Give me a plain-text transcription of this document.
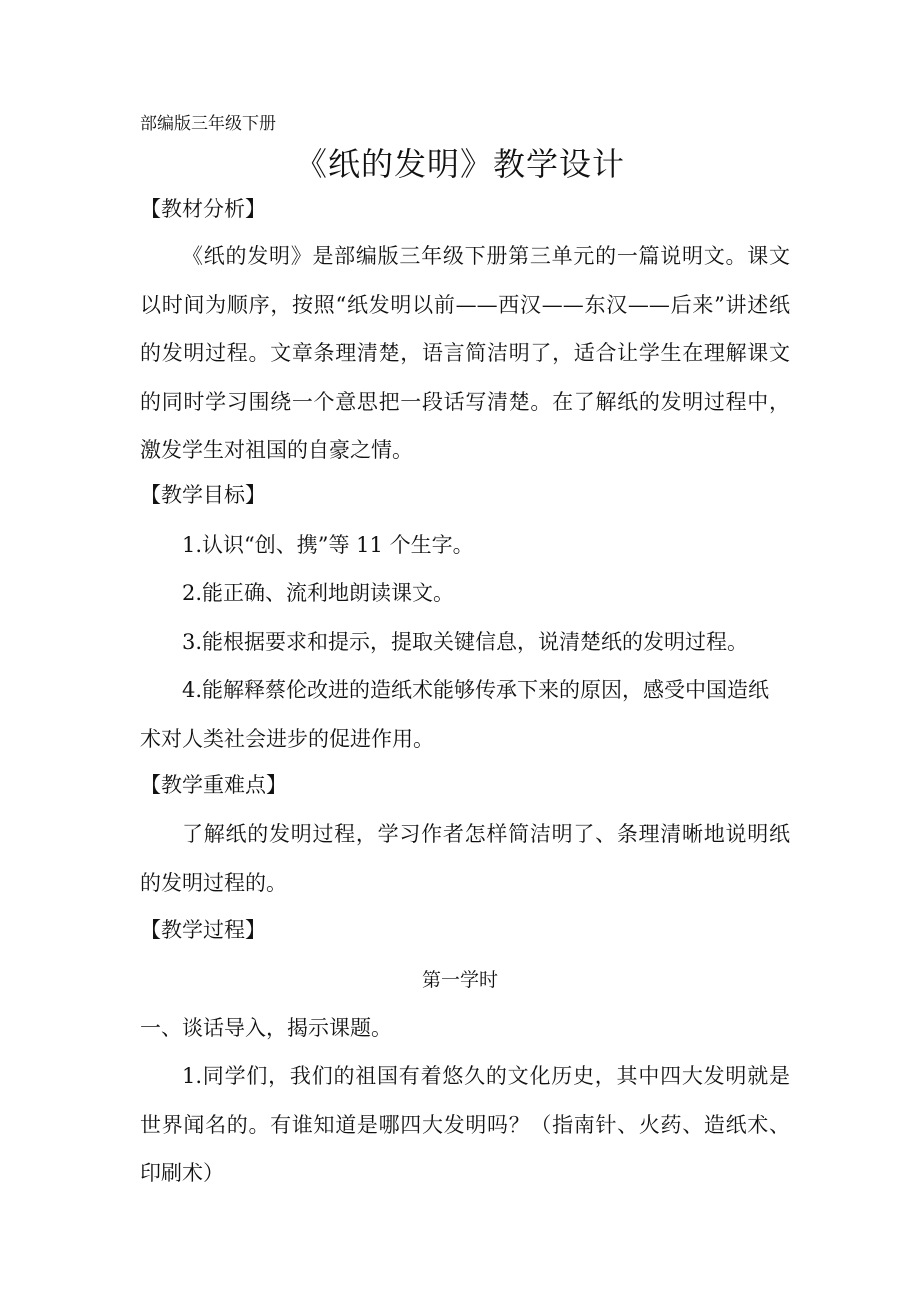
部编版三年级下册
《纸的发明》教学设计
【教材分析】

《纸的发明》是部编版三年级下册第三单元的一篇说明文。课文以时间为顺序，按照“纸发明以前——西汉——东汉——后来”讲述纸的发明过程。文章条理清楚，语言简洁明了，适合让学生在理解课文的同时学习围绕一个意思把一段话写清楚。在了解纸的发明过程中，激发学生对祖国的自豪之情。

【教学目标】

1.认识“创、携”等 11 个生字。

2.能正确、流利地朗读课文。

3.能根据要求和提示，提取关键信息，说清楚纸的发明过程。

4.能解释蔡伦改进的造纸术能够传承下来的原因，感受中国造纸术对人类社会进步的促进作用。

【教学重难点】

了解纸的发明过程，学习作者怎样简洁明了、条理清晰地说明纸的发明过程的。

【教学过程】
第一学时
一、谈话导入，揭示课题。

1.同学们，我们的祖国有着悠久的文化历史，其中四大发明就是世界闻名的。有谁知道是哪四大发明吗？（指南针、火药、造纸术、印刷术）
